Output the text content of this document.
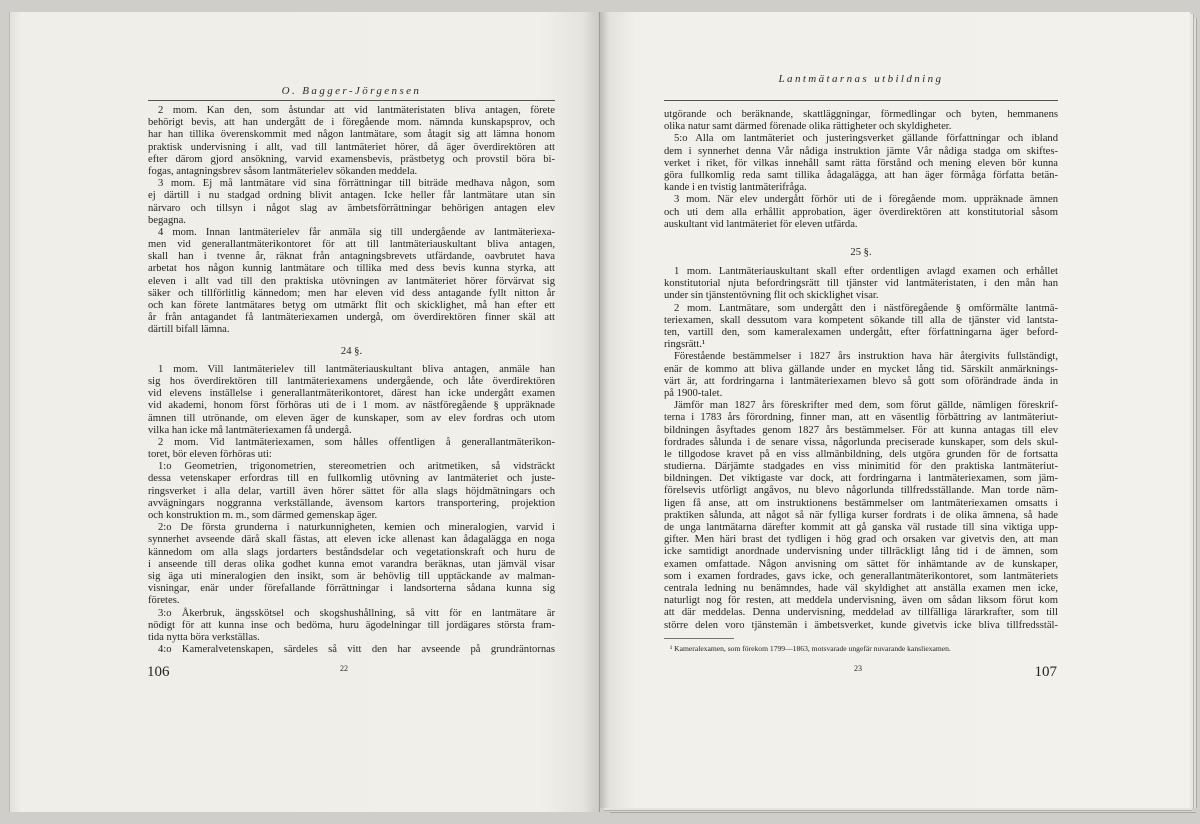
O. Bagger-Jörgensen
2 mom. Kan den, som åstundar att vid lantmäteristaten bliva antagen, förete
behörigt bevis, att han undergått de i föregående mom. nämnda kunskapsprov, och
har han tillika överenskommit med någon lantmätare, som åtagit sig att lämna honom
praktisk undervisning i allt, vad till lantmäteriet hörer, då äger överdirektören att
efter därom gjord ansökning, varvid examensbevis, prästbetyg och provstil böra bi-
fogas, antagningsbrev såsom lantmäterielev sökanden meddela.
3 mom. Ej må lantmätare vid sina förrättningar till biträde medhava någon, som
ej därtill i nu stadgad ordning blivit antagen. Icke heller får lantmätare utan sin
närvaro och tillsyn i något slag av ämbetsförrättningar behörigen antagen elev
begagna.
4 mom. Innan lantmäterielev får anmäla sig till undergående av lantmäteriexa-
men vid generallantmäterikontoret för att till lantmäteriauskultant bliva antagen,
skall han i tvenne år, räknat från antagningsbrevets utfärdande, oavbrutet hava
arbetat hos någon kunnig lantmätare och tillika med dess bevis kunna styrka, att
eleven i allt vad till den praktiska utövningen av lantmäteriet hörer förvärvat sig
säker och tillförlitlig kännedom; men har eleven vid dess antagande fyllt nitton år
och kan förete lantmätares betyg om utmärkt flit och skicklighet, må han efter ett
år från antagandet få lantmäteriexamen undergå, om överdirektören finner skäl att
därtill bifall lämna.
24 §.
1 mom. Vill lantmäterielev till lantmäteriauskultant bliva antagen, anmäle han
sig hos överdirektören till lantmäteriexamens undergående, och låte överdirektören
vid elevens inställelse i generallantmäterikontoret, därest han icke undergått examen
vid akademi, honom först förhöras uti de i 1 mom. av nästföregående § uppräknade
ämnen till utrönande, om eleven äger de kunskaper, som av elev fordras och utom
vilka han icke må lantmäteriexamen få undergå.
2 mom. Vid lantmäteriexamen, som hålles offentligen å generallantmäterikon-
toret, bör eleven förhöras uti:
1:o Geometrien, trigonometrien, stereometrien och aritmetiken, så vidsträckt
dessa vetenskaper erfordras till en fullkomlig utövning av lantmäteriet och juste-
ringsverket i alla delar, vartill även hörer sättet för alla slags höjdmätningars och
avvägningars noggranna verkställande, ävensom kartors transportering, projektion
och konstruktion m. m., som därmed gemenskap äger.
2:o De första grunderna i naturkunnigheten, kemien och mineralogien, varvid i
synnerhet avseende därå skall fästas, att eleven icke allenast kan ådagalägga en noga
kännedom om alla slags jordarters beståndsdelar och vegetationskraft och huru de
i anseende till deras olika godhet kunna emot varandra beräknas, utan jämväl visar
sig äga uti mineralogien den insikt, som är behövlig till upptäckande av malman-
visningar, enär under förefallande förrättningar i landsorterna sådana kunna sig
företes.
3:o Åkerbruk, ängsskötsel och skogshushållning, så vitt för en lantmätare är
nödigt för att kunna inse och bedöma, huru ägodelningar till jordägares största fram-
tida nytta böra verkställas.
4:o Kameralvetenskapen, särdeles så vitt den har avseende på grundräntornas
22
106
Lantmätarnas utbildning
utgörande och beräknande, skattläggningar, förmedlingar och byten, hemmanens
olika natur samt därmed förenade olika rättigheter och skyldigheter.
5:o Alla om lantmäteriet och justeringsverket gällande författningar och ibland
dem i synnerhet denna Vår nådiga instruktion jämte Vår nådiga stadga om skiftes-
verket i riket, för vilkas innehåll samt rätta förstånd och mening eleven bör kunna
göra fullkomlig reda samt tillika ådagalägga, att han äger förmåga författa betän-
kande i en tvistig lantmäterifråga.
3 mom. När elev undergått förhör uti de i föregående mom. uppräknade ämnen
och uti dem alla erhållit approbation, äger överdirektören att konstitutorial såsom
auskultant vid lantmäteriet för eleven utfärda.
25 §.
1 mom. Lantmäteriauskultant skall efter ordentligen avlagd examen och erhållet
konstitutorial njuta befordringsrätt till tjänster vid lantmäteristaten, i den mån han
under sin tjänstentövning flit och skicklighet visar.
2 mom. Lantmätare, som undergått den i nästföregående § omförmälte lantmä-
teriexamen, skall dessutom vara kompetent sökande till alla de tjänster vid lantsta-
ten, vartill den, som kameralexamen undergått, efter författningarna äger beford-
ringsrätt.¹
Förestående bestämmelser i 1827 års instruktion hava här återgivits fullständigt,
enär de kommo att bliva gällande under en mycket lång tid. Särskilt anmärknings-
värt är, att fordringarna i lantmäteriexamen blevo så gott som oförändrade ända in
på 1900-talet.
Jämför man 1827 års föreskrifter med dem, som förut gällde, nämligen föreskrif-
terna i 1783 års förordning, finner man, att en väsentlig förbättring av lantmäteriut-
bildningen åsyftades genom 1827 års bestämmelser. För att kunna antagas till elev
fordrades sålunda i de senare vissa, någorlunda preciserade kunskaper, som dels skul-
le tillgodose kravet på en viss allmänbildning, dels utgöra grunden för de fortsatta
studierna. Därjämte stadgades en viss minimitid för den praktiska lantmäteriut-
bildningen. Det viktigaste var dock, att fordringarna i lantmäteriexamen, som jäm-
förelsevis utförligt angåvos, nu blevo någorlunda tillfredsställande. Man torde näm-
ligen få anse, att om instruktionens bestämmelser om lantmäteriexamen omsatts i
praktiken sålunda, att något så när fylliga kurser fordrats i de olika ämnena, så hade
de unga lantmätarna därefter kommit att gå ganska väl rustade till sina viktiga upp-
gifter. Men häri brast det tydligen i hög grad och orsaken var givetvis den, att man
icke samtidigt anordnade undervisning under tillräckligt lång tid i de ämnen, som
examen omfattade. Någon anvisning om sättet för inhämtande av de kunskaper,
som i examen fordrades, gavs icke, och generallantmäterikontoret, som lantmäteriets
centrala ledning nu benämndes, hade väl skyldighet att anställa examen men icke,
naturligt nog för resten, att meddela undervisning, även om sådan liksom förut kom
att där meddelas. Denna undervisning, meddelad av tillfälliga lärarkrafter, som till
större delen voro tjänstemän i ämbetsverket, kunde givetvis icke bliva tillfredsstäl-
¹ Kameralexamen, som förekom 1799—1863, motsvarade ungefär nuvarande kansliexamen.
23	107
